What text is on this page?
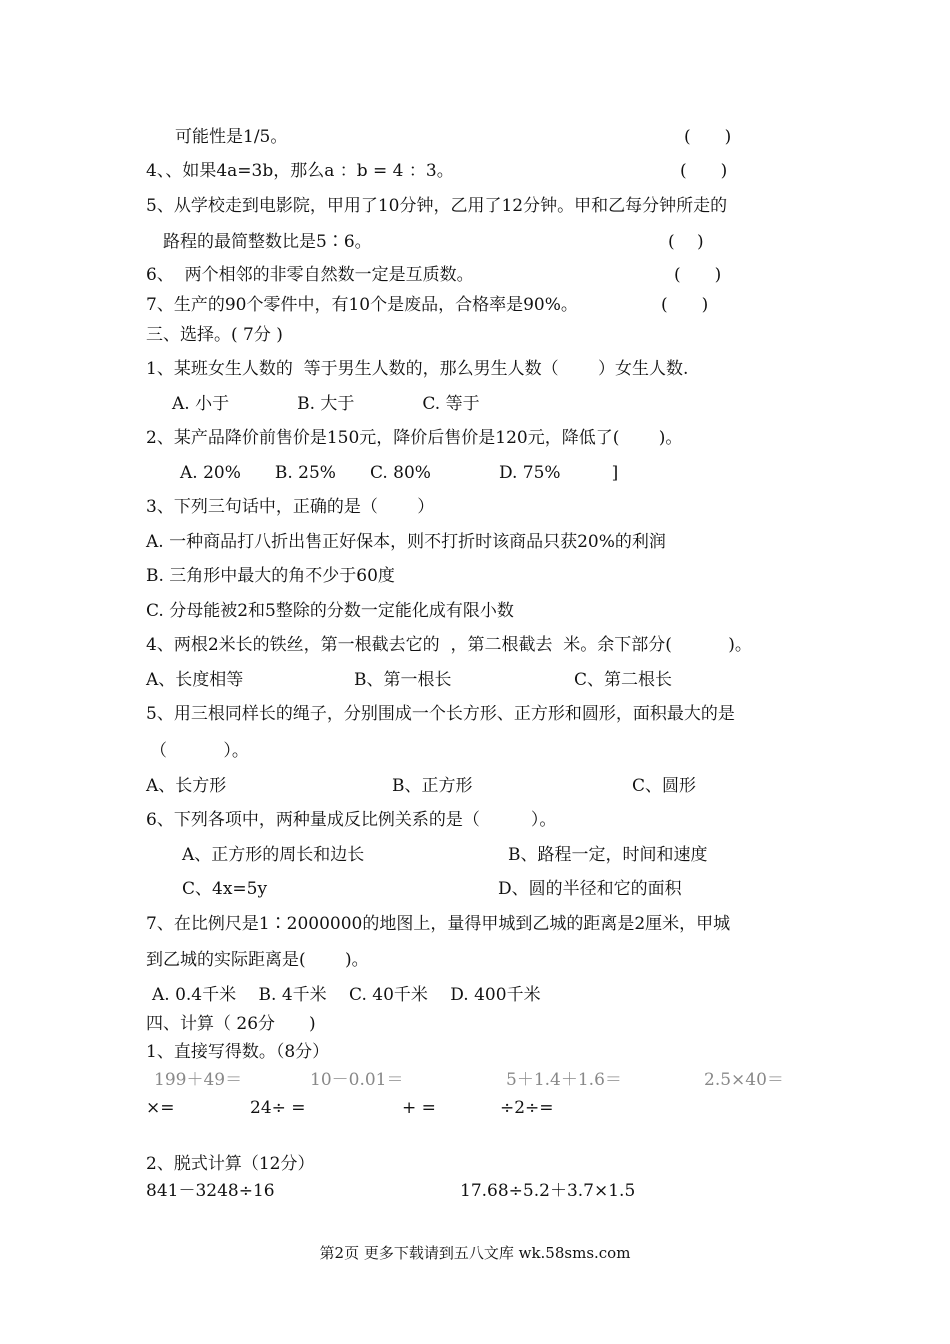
可能性是1/5。	(　　)
4、、如果4a=3b，那么a ：b = 4 ：3。	(　　)
5、从学校走到电影院，甲用了10分钟，乙用了12分钟。甲和乙每分钟所走的
路程的最简整数比是5∶6。	(　 )
6、  两个相邻的非零自然数一定是互质数。	(　　)
7、生产的90个零件中，有10个是废品，合格率是90%。	(　　)
三、选择。( 7分 )
1、某班女生人数的  等于男生人数的，那么男生人数（　　 ）女生人数.
A. 小于　　　　B. 大于　　　　C. 等于
2、某产品降价前售价是150元，降价后售价是120元，降低了(　　 )。
A. 20%　　B. 25%　　C. 80%　　　　D. 75%　　　]
3、下列三句话中，正确的是（　　 ）
A. 一种商品打八折出售正好保本，则不打折时该商品只获20%的利润
B. 三角形中最大的角不少于60度
C. 分母能被2和5整除的分数一定能化成有限小数
4、两根2米长的铁丝，第一根截去它的  ，第二根截去  米。余下部分(　　　 )。
A、长度相等	B、第一根长	C、第二根长
5、用三根同样长的绳子，分别围成一个长方形、正方形和圆形，面积最大的是
（　　　 ）。
A、长方形	B、正方形	C、圆形
6、下列各项中，两种量成反比例关系的是（　　　）。
A、正方形的周长和边长	B、路程一定，时间和速度
C、4x=5y	D、圆的半径和它的面积
7、在比例尺是1∶2000000的地图上，量得甲城到乙城的距离是2厘米，甲城
到乙城的实际距离是(　　 )。
A. 0.4千米　 B. 4千米　 C. 40千米　 D. 400千米
四、计算（ 26分　　)
1、直接写得数。（8分）
199＋49＝	10－0.01＝	5＋1.4＋1.6＝	2.5×40＝
×=	24÷ =	+ =	÷2÷=
2、脱式计算（12分）
841－3248÷16	17.68÷5.2＋3.7×1.5
第2页 更多下载请到五八文库 wk.58sms.com
